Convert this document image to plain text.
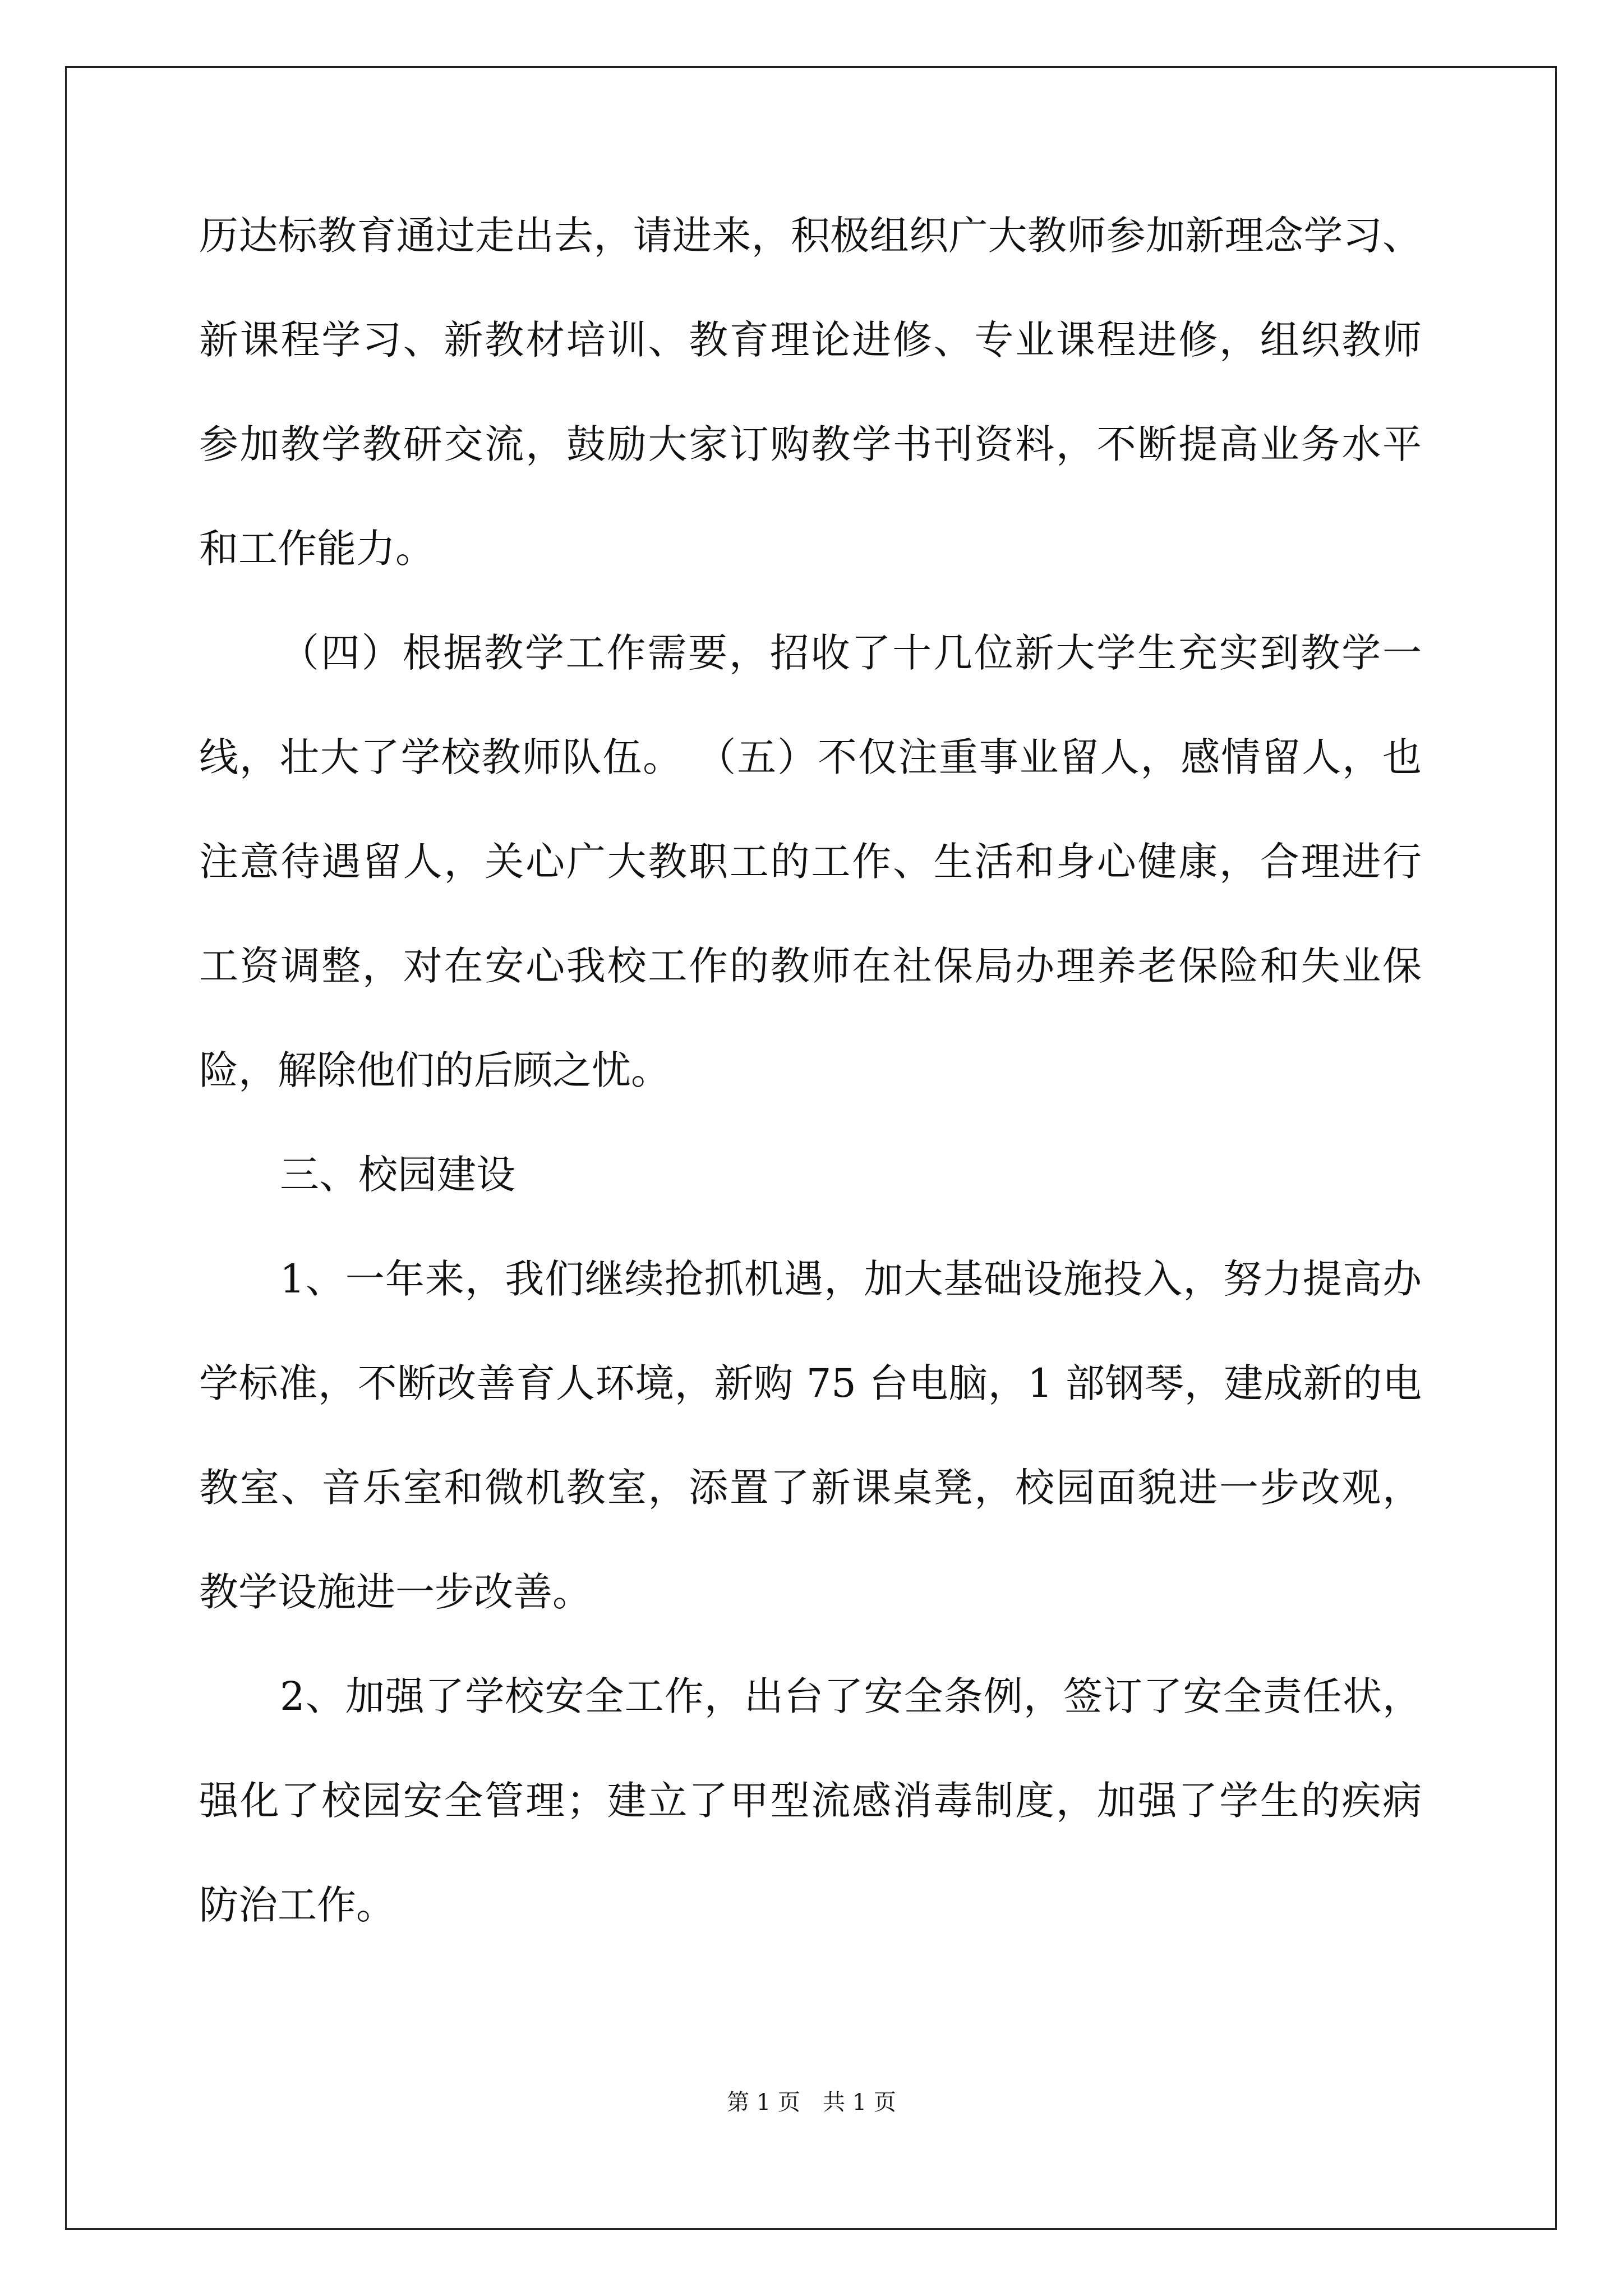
历达标教育通过走出去，请进来，积极组织广大教师参加新理念学习、
新课程学习、新教材培训、教育理论进修、专业课程进修，组织教师
参加教学教研交流，鼓励大家订购教学书刊资料，不断提高业务水平
和工作能力。
（四）根据教学工作需要，招收了十几位新大学生充实到教学一
线，壮大了学校教师队伍。 （五）不仅注重事业留人，感情留人，也
注意待遇留人，关心广大教职工的工作、生活和身心健康，合理进行
工资调整，对在安心我校工作的教师在社保局办理养老保险和失业保
险，解除他们的后顾之忧。
三、校园建设
1、一年来，我们继续抢抓机遇，加大基础设施投入，努力提高办
学标准，不断改善育人环境，新购 75 台电脑，1 部钢琴，建成新的电
教室、音乐室和微机教室，添置了新课桌凳，校园面貌进一步改观，
教学设施进一步改善。
2、加强了学校安全工作，出台了安全条例，签订了安全责任状，
强化了校园安全管理；建立了甲型流感消毒制度，加强了学生的疾病
防治工作。
第 1 页　共 1 页
